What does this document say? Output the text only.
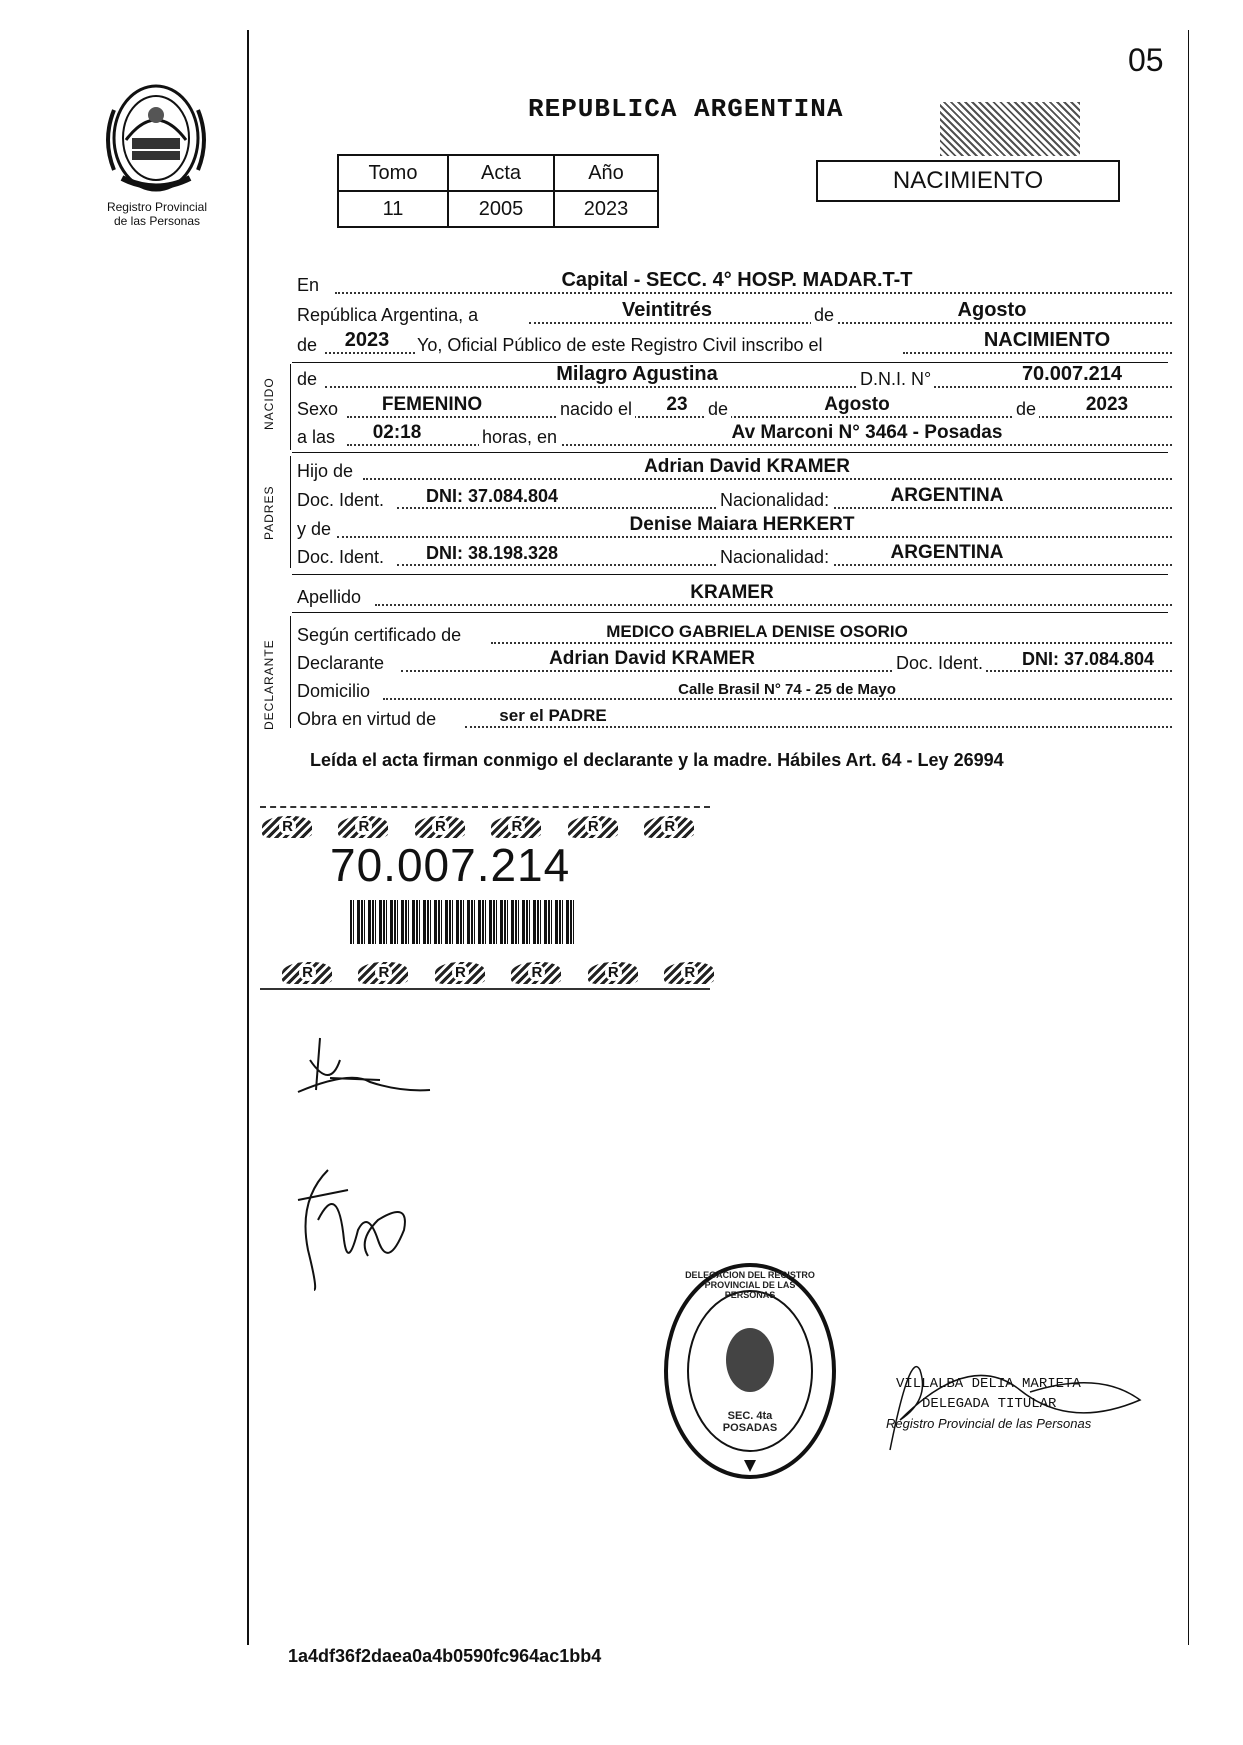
05
Registro Provincial
de las Personas
REPUBLICA ARGENTINA
NACIMIENTO
Tomo	Acta	Año
11	2005	2023
En	Capital - SECC. 4° HOSP. MADAR.T-T
República Argentina, a	Veintitrés	de	Agosto
de	2023	Yo, Oficial Público de este Registro Civil inscribo el	NACIMIENTO
NACIDO de	Milagro Agustina	D.N.I. N°	70.007.214
Sexo	FEMENINO	nacido el	23	de	Agosto	de	2023
a las	02:18	horas, en	Av Marconi N° 3464 - Posadas
PADRES
Hijo de	Adrian David KRAMER
Doc. Ident.	DNI: 37.084.804	Nacionalidad:	ARGENTINA
y de	Denise Maiara HERKERT
Doc. Ident.	DNI: 38.198.328	Nacionalidad:	ARGENTINA
Apellido	KRAMER
DECLARANTE
Según certificado de	MEDICO GABRIELA DENISE OSORIO
Declarante	Adrian David KRAMER	Doc. Ident.	DNI: 37.084.804
Domicilio	Calle Brasil N° 74 - 25 de Mayo
Obra en virtud de	ser el PADRE
Leída el acta firman conmigo el declarante y la madre. Hábiles Art. 64 - Ley 26994
R
	R
	R
	R
	R
	R
70.007.214
R
	R
	R
	R
	R
	R
DELEGACION DEL REGISTRO PROVINCIAL DE LAS PERSONAS
SEC. 4ta POSADAS
VILLALBA DELIA MARIETA
DELEGADA TITULAR
Registro Provincial de las Personas
1a4df36f2daea0a4b0590fc964ac1bb4
